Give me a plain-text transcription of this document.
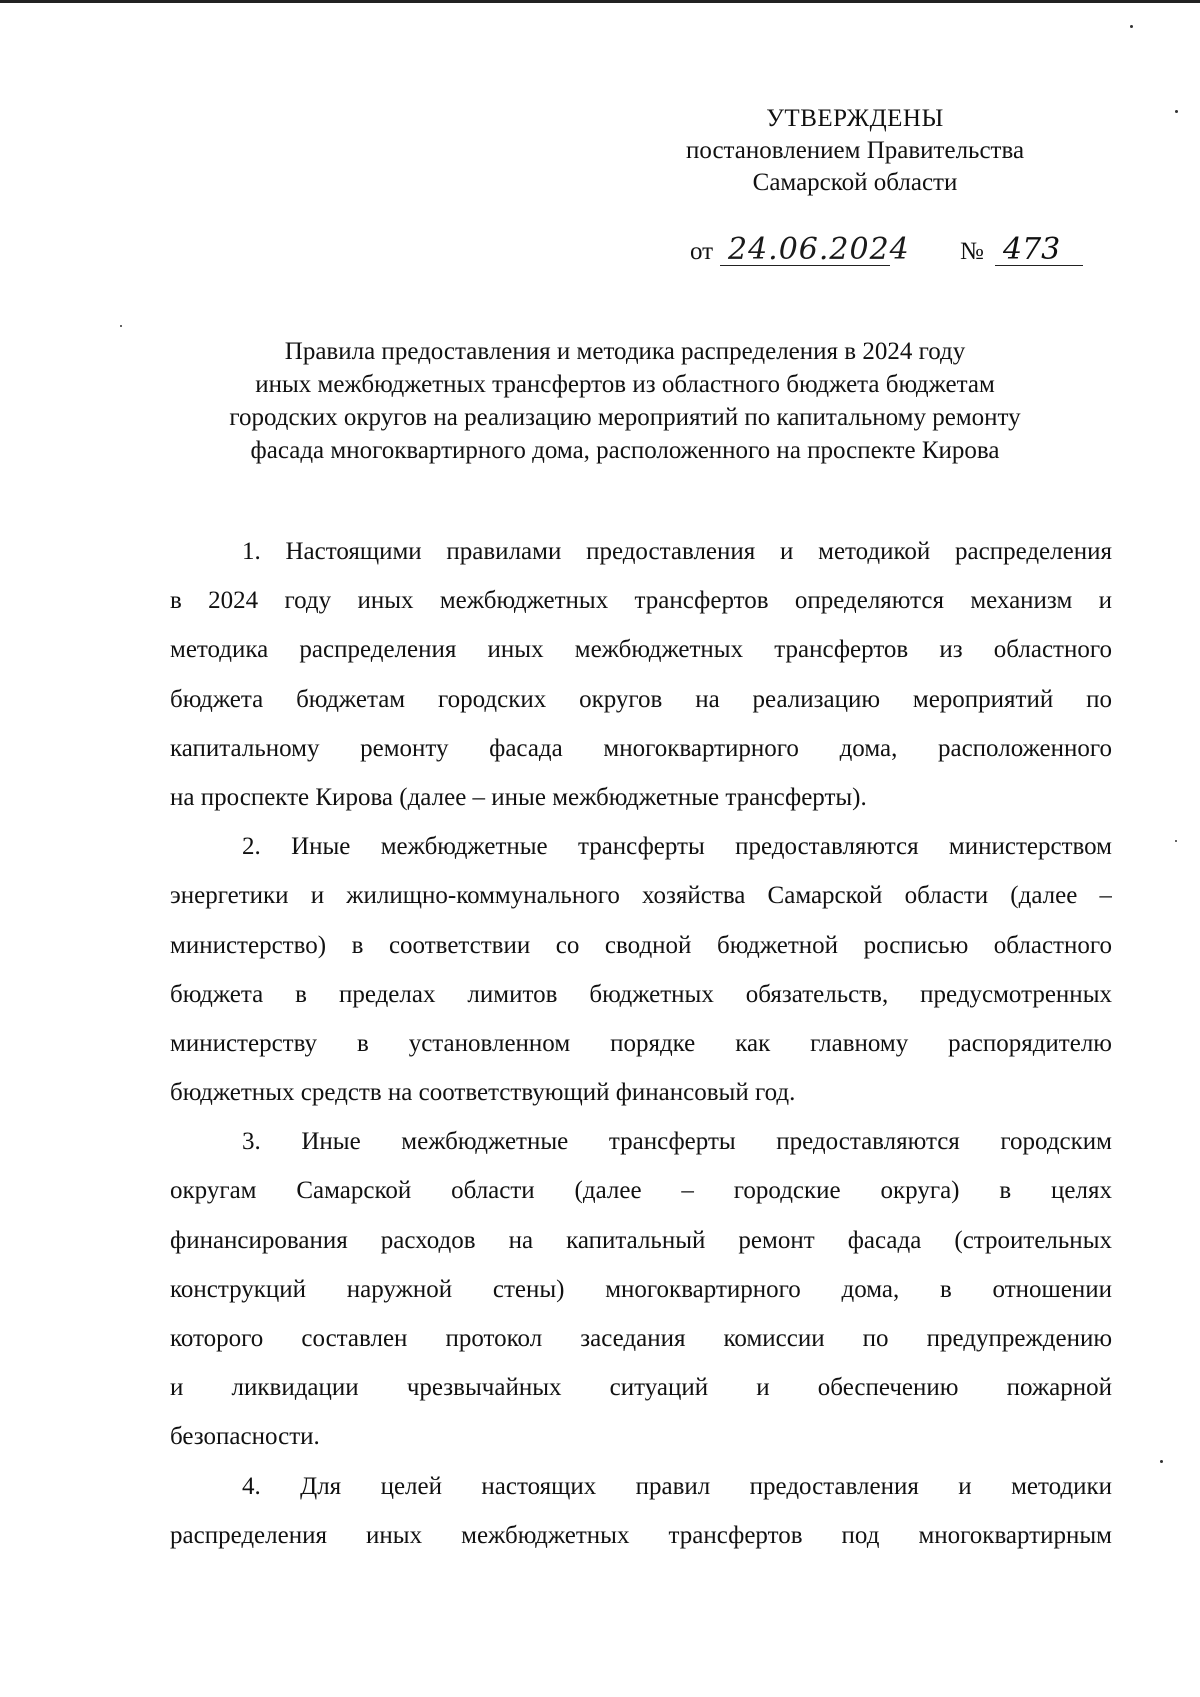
УТВЕРЖДЕНЫ
постановлением Правительства
Самарской области
от 24.06.2024 № 473
Правила предоставления и методика распределения в 2024 году
иных межбюджетных трансфертов из областного бюджета бюджетам
городских округов на реализацию мероприятий по капитальному ремонту
фасада многоквартирного дома, расположенного на проспекте Кирова
1. Настоящими правилами предоставления и методикой распределения
в 2024 году иных межбюджетных трансфертов определяются механизм и
методика распределения иных межбюджетных трансфертов из областного
бюджета бюджетам городских округов на реализацию мероприятий по
капитальному ремонту фасада многоквартирного дома, расположенного
на проспекте Кирова (далее – иные межбюджетные трансферты).
2. Иные межбюджетные трансферты предоставляются министерством
энергетики и жилищно-коммунального хозяйства Самарской области (далее –
министерство) в соответствии со сводной бюджетной росписью областного
бюджета в пределах лимитов бюджетных обязательств, предусмотренных
министерству в установленном порядке как главному распорядителю
бюджетных средств на соответствующий финансовый год.
3. Иные межбюджетные трансферты предоставляются городским
округам Самарской области (далее – городские округа) в целях
финансирования расходов на капитальный ремонт фасада (строительных
конструкций наружной стены) многоквартирного дома, в отношении
которого составлен протокол заседания комиссии по предупреждению
и ликвидации чрезвычайных ситуаций и обеспечению пожарной
безопасности.
4. Для целей настоящих правил предоставления и методики
распределения иных межбюджетных трансфертов под многоквартирным
